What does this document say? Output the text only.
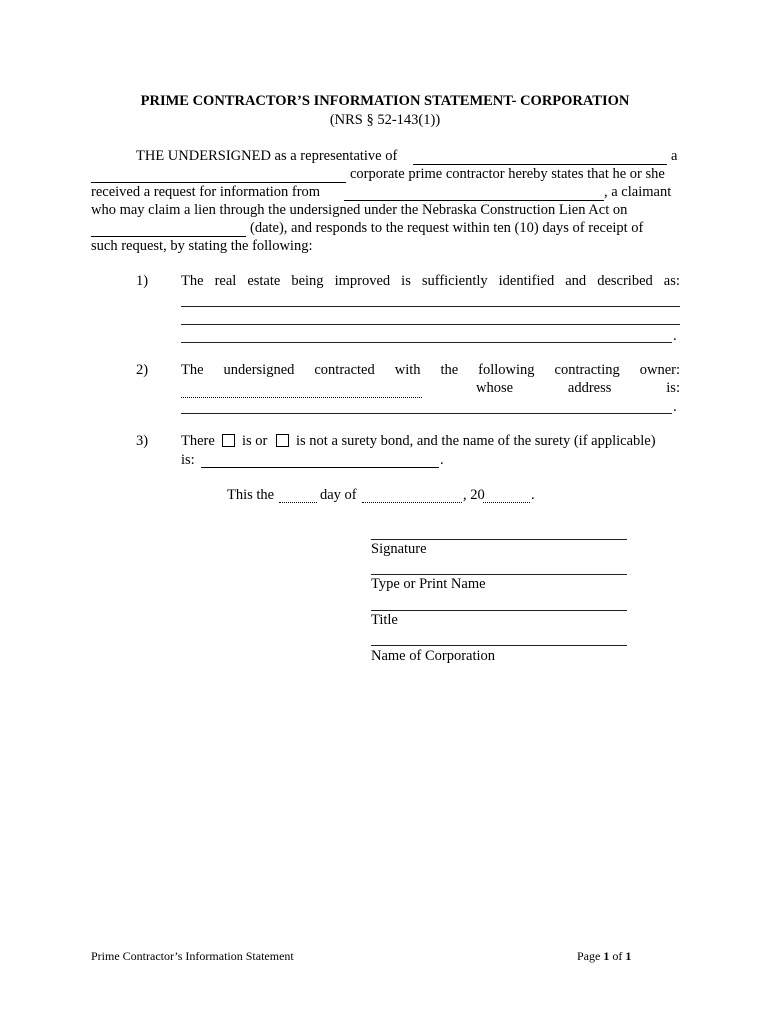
PRIME CONTRACTOR’S INFORMATION STATEMENT- CORPORATION
(NRS § 52-143(1))
THE UNDERSIGNED as a representative of	a
corporate prime contractor hereby states that he or she
received a request for information from	, a claimant
who may claim a lien through the undersigned under the Nebraska Construction Lien Act on
(date), and responds to the request within ten (10) days of receipt of
such request, by stating the following:
1) The real estate being improved is sufficiently identified and described as:
.
2) The undersigned contracted with the following contracting owner:
whose	address	is:
.
3) There is or is not a surety bond, and the name of the surety (if applicable)
is:	.
This the	day of	, 20	.
Signature
Type or Print Name
Title
Name of Corporation
Prime Contractor’s Information Statement	Page 1 of 1
